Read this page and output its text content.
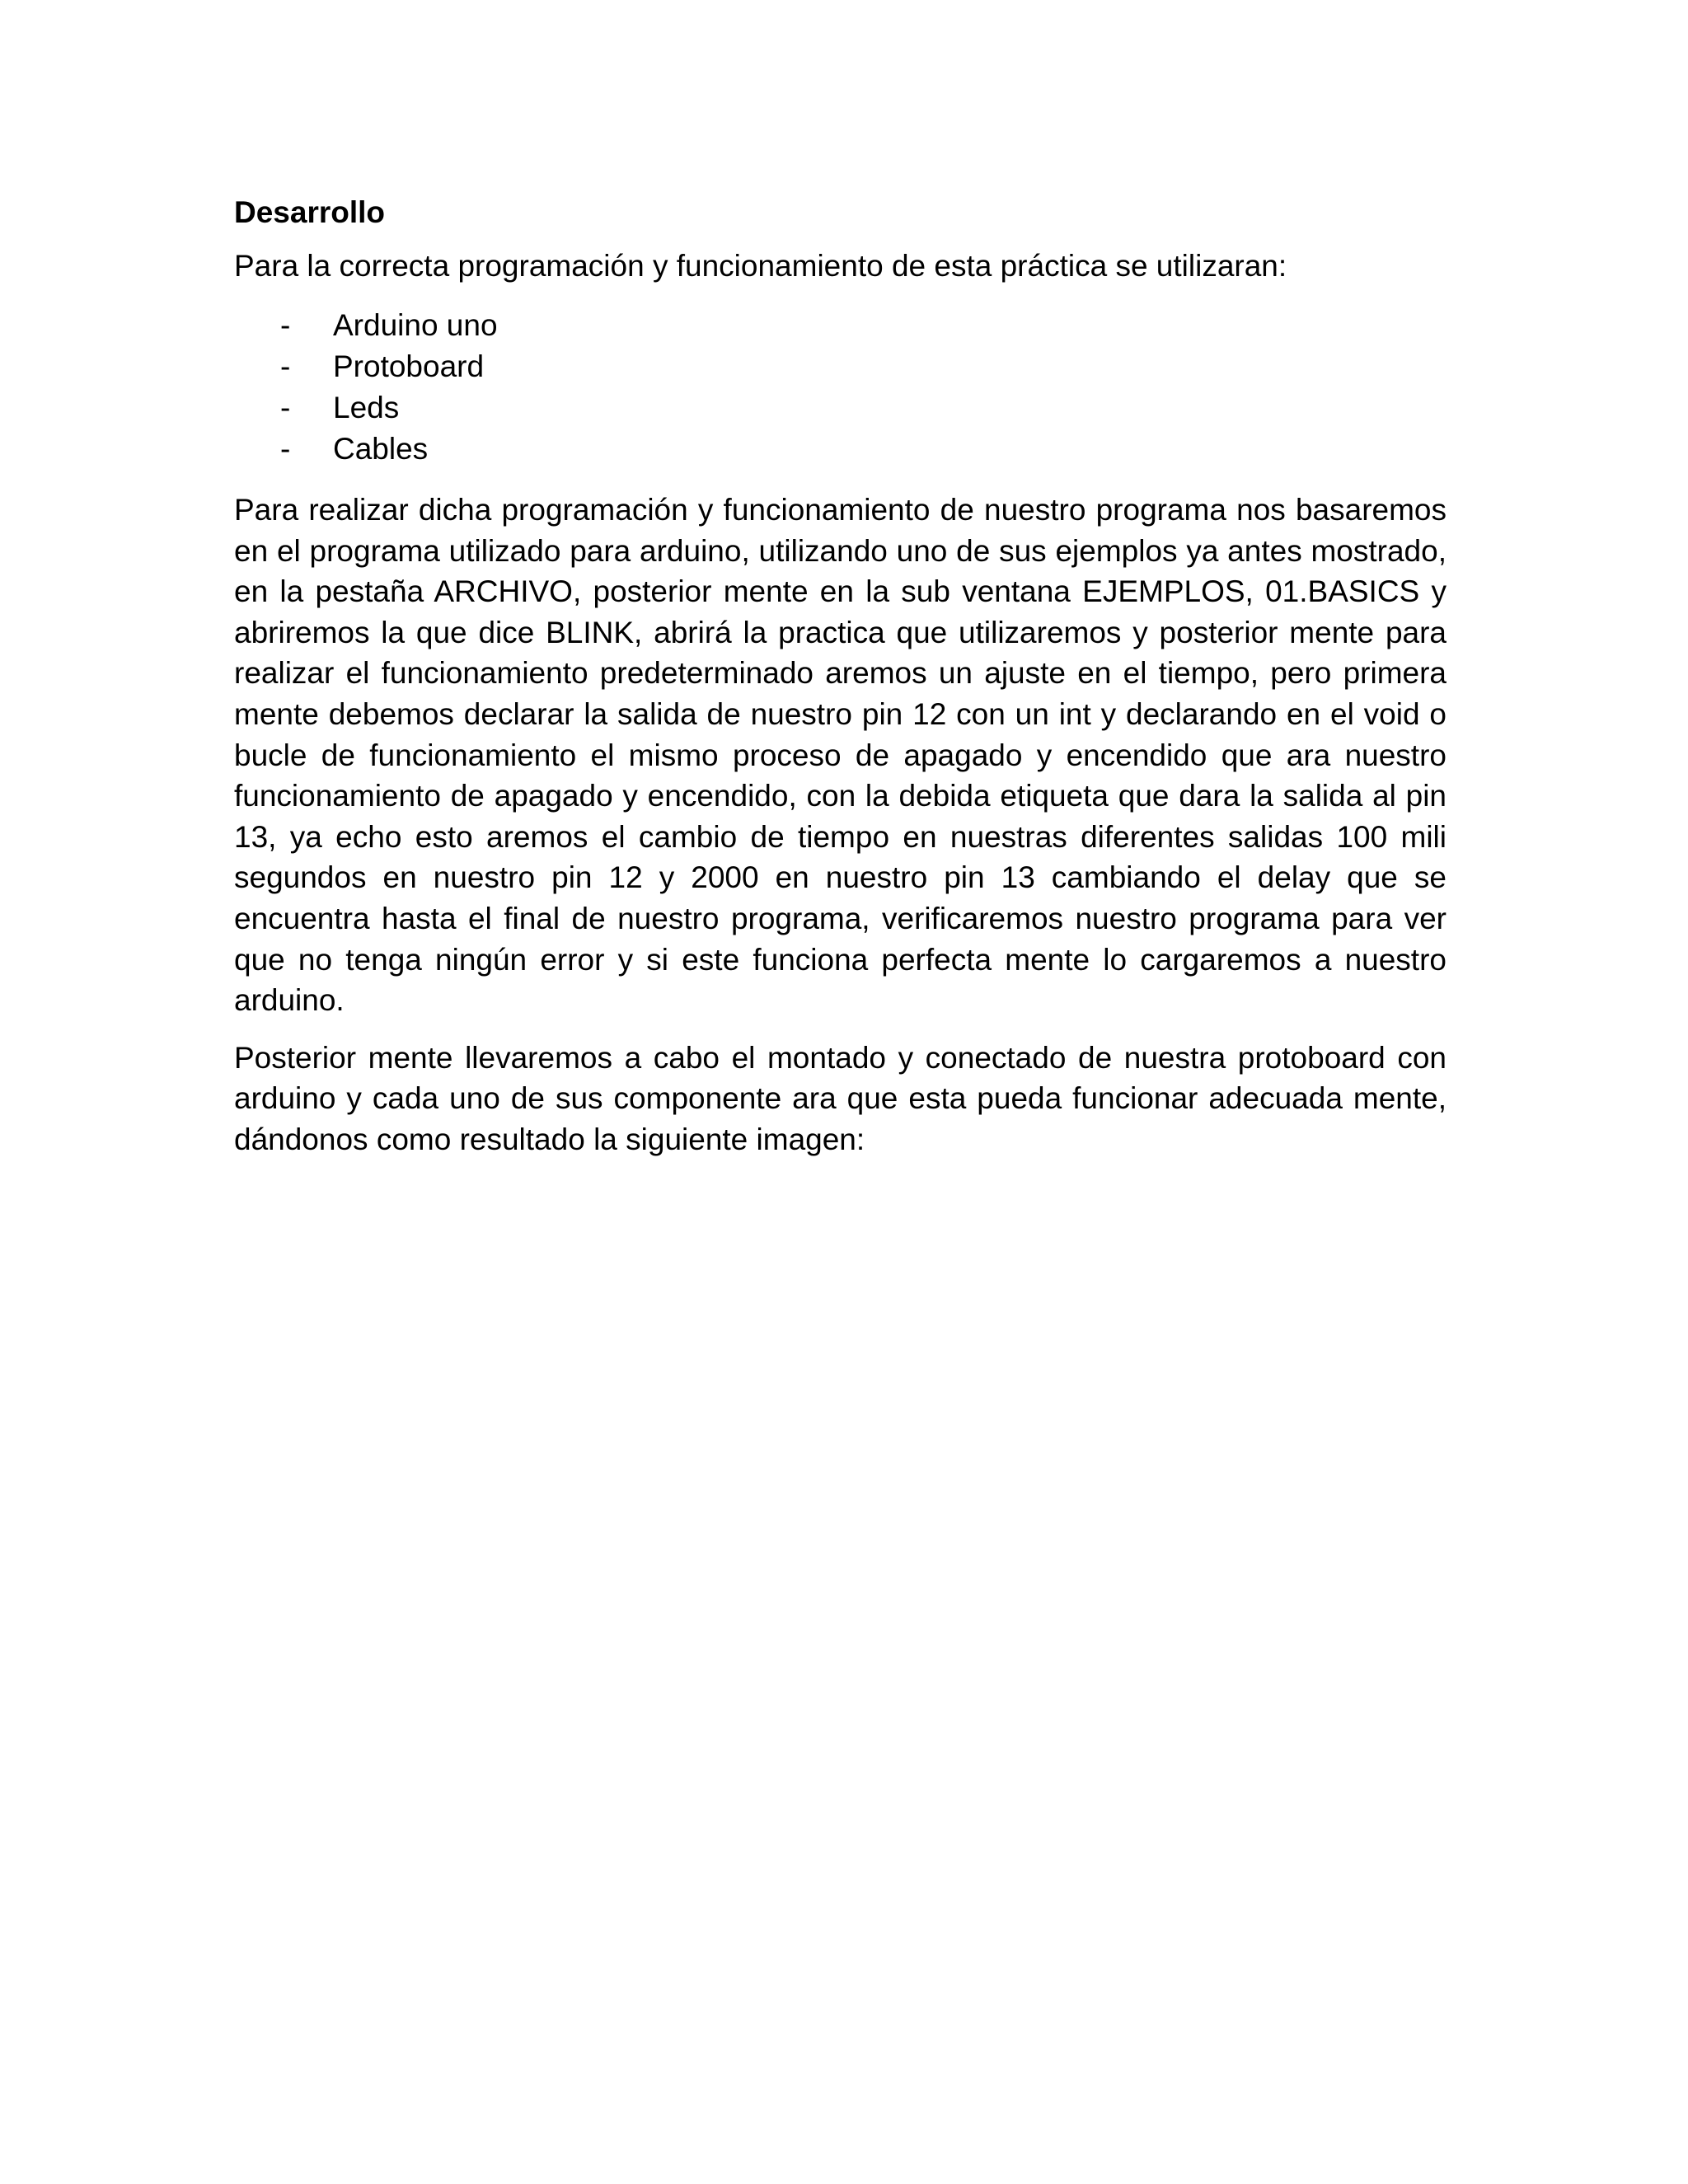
Desarrollo
Para la correcta programación y funcionamiento de esta práctica se utilizaran:
- Arduino uno
- Protoboard
- Leds
- Cables

Para realizar dicha programación y funcionamiento de nuestro programa nos basaremos en el programa utilizado para arduino, utilizando uno de sus ejemplos ya antes mostrado, en la pestaña ARCHIVO, posterior mente en la sub ventana EJEMPLOS, 01.BASICS y abriremos la que dice BLINK, abrirá la practica que utilizaremos y posterior mente para realizar el funcionamiento predeterminado aremos un ajuste en el tiempo, pero primera mente debemos declarar la salida de nuestro pin 12 con un int y declarando en el void o bucle de funcionamiento el mismo proceso de apagado y encendido que ara nuestro funcionamiento de apagado y encendido, con la debida etiqueta que dara la salida al pin 13, ya echo esto aremos el cambio de tiempo en nuestras diferentes salidas 100 mili segundos en nuestro pin 12 y 2000 en nuestro pin 13 cambiando el delay que se encuentra hasta el final de nuestro programa, verificaremos nuestro programa para ver que no tenga ningún error y si este funciona perfecta mente lo cargaremos a nuestro arduino.

Posterior mente llevaremos a cabo el montado y conectado de nuestra protoboard con arduino y cada uno de sus componente ara que esta pueda funcionar adecuada mente, dándonos como resultado la siguiente imagen:
